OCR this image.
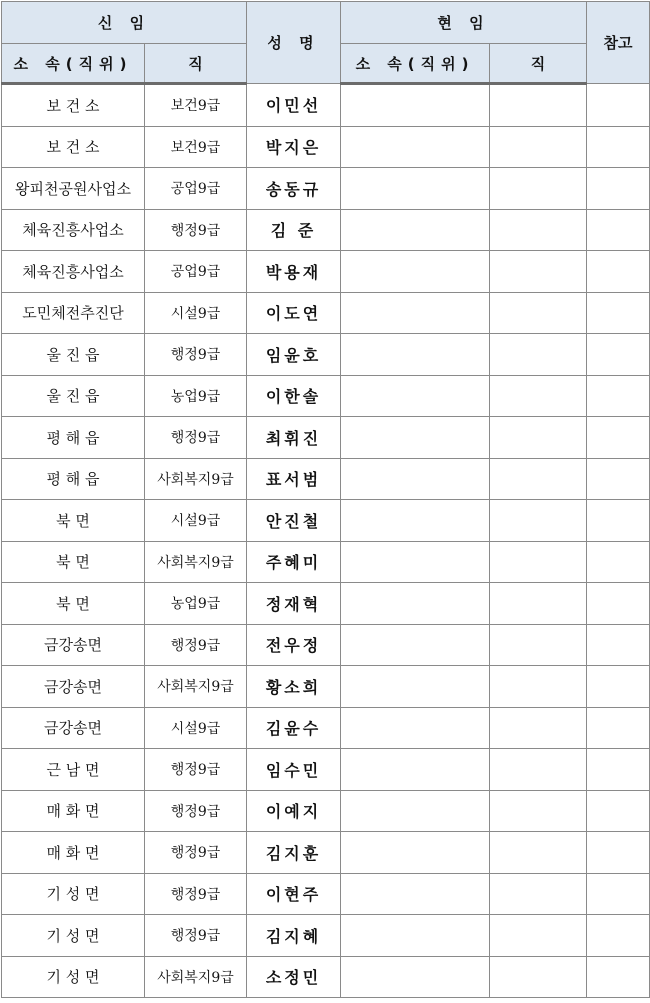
신 임		성 명	현 임		참고
소 속(직위)	직		소 속(직위)	직	
보 건 소	보건9급	이민선			
보 건 소	보건9급	박지은			
왕피천공원사업소	공업9급	송동규			
체육진흥사업소	행정9급	김 준			
체육진흥사업소	공업9급	박용재			
도민체전추진단	시설9급	이도연			
울 진 읍	행정9급	임윤호			
울 진 읍	농업9급	이한솔			
평 해 읍	행정9급	최휘진			
평 해 읍	사회복지9급	표서범			
북 면	시설9급	안진철			
북 면	사회복지9급	주혜미			
북 면	농업9급	정재혁			
금강송면	행정9급	전우정			
금강송면	사회복지9급	황소희			
금강송면	시설9급	김윤수			
근 남 면	행정9급	임수민			
매 화 면	행정9급	이예지			
매 화 면	행정9급	김지훈			
기 성 면	행정9급	이현주			
기 성 면	행정9급	김지혜			
기 성 면	사회복지9급	소정민			
